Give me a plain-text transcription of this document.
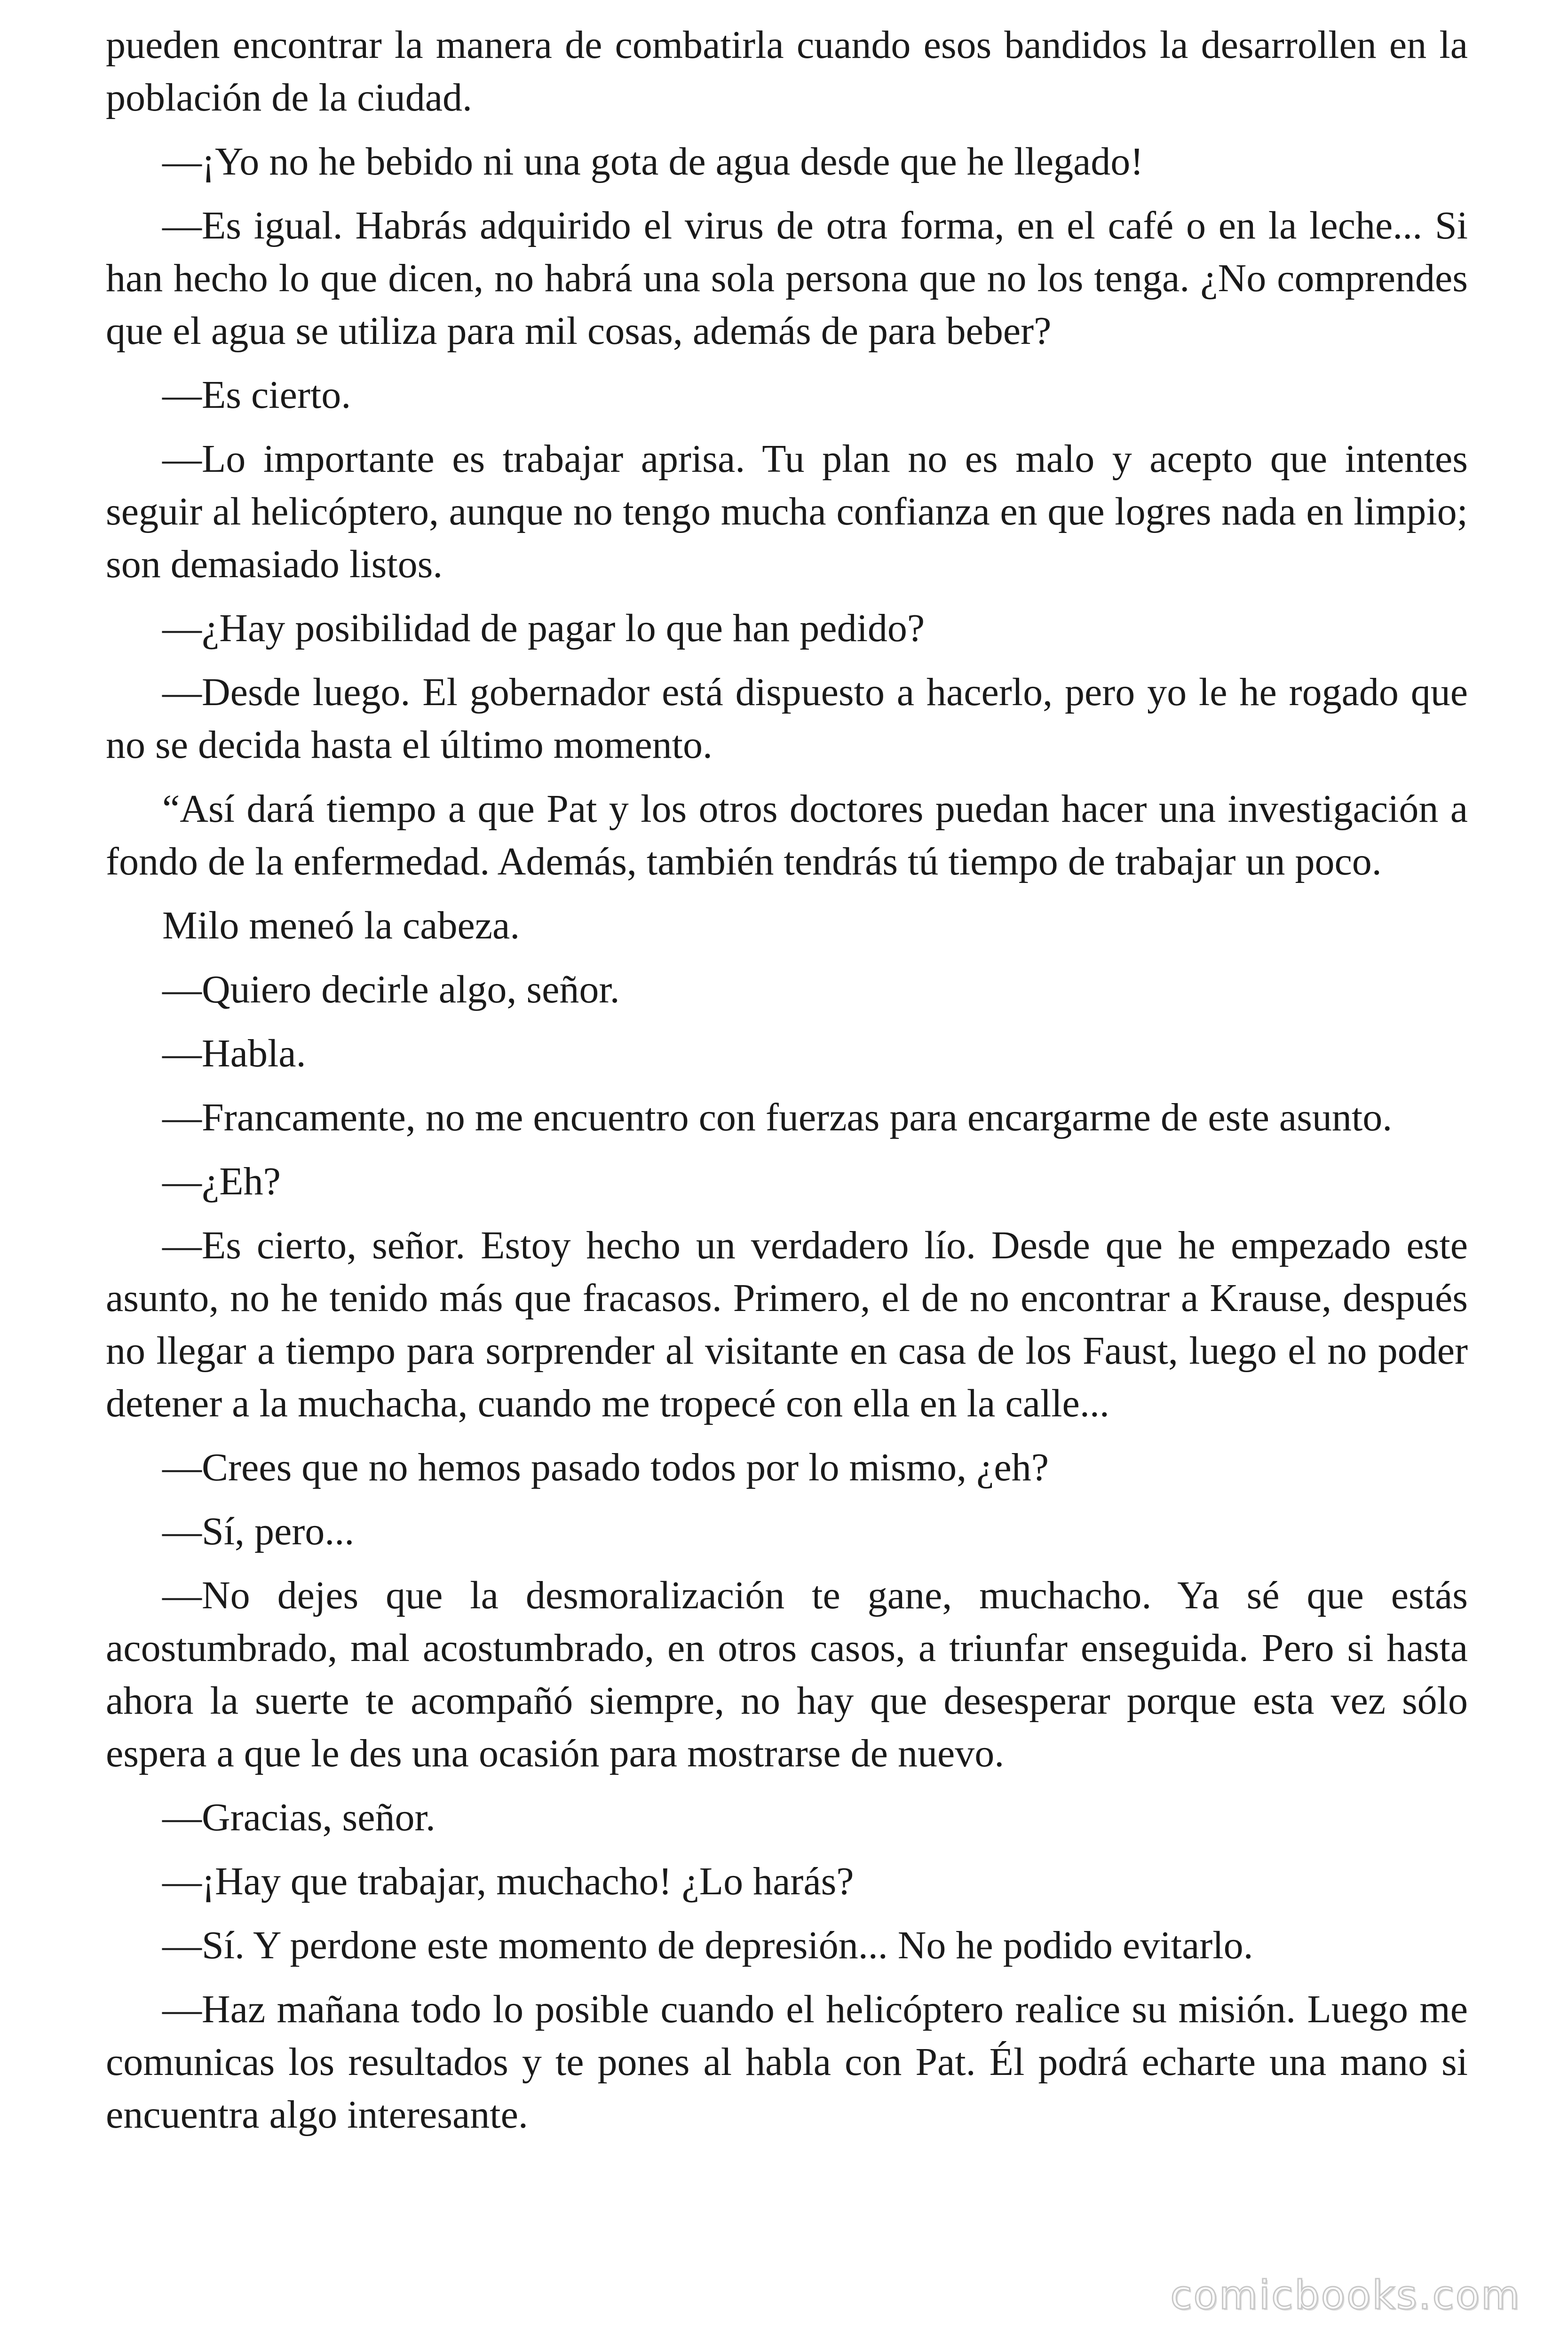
pueden encontrar la manera de combatirla cuando esos bandidos la desarrollen en la población de la ciudad.

—¡Yo no he bebido ni una gota de agua desde que he llegado!

—Es igual. Habrás adquirido el virus de otra forma, en el café o en la leche... Si han hecho lo que dicen, no habrá una sola persona que no los tenga. ¿No comprendes que el agua se utiliza para mil cosas, además de para beber?

—Es cierto.

—Lo importante es trabajar aprisa. Tu plan no es malo y acepto que intentes seguir al helicóptero, aunque no tengo mucha confianza en que logres nada en limpio; son demasiado listos.

—¿Hay posibilidad de pagar lo que han pedido?

—Desde luego. El gobernador está dispuesto a hacerlo, pero yo le he rogado que no se decida hasta el último momento.

“Así dará tiempo a que Pat y los otros doctores puedan hacer una investigación a fondo de la enfermedad. Además, también tendrás tú tiempo de trabajar un poco.

Milo meneó la cabeza.

—Quiero decirle algo, señor.

—Habla.

—Francamente, no me encuentro con fuerzas para encargarme de este asunto.

—¿Eh?

—Es cierto, señor. Estoy hecho un verdadero lío. Desde que he empezado este asunto, no he tenido más que fracasos. Primero, el de no encontrar a Krause, después no llegar a tiempo para sorprender al visitante en casa de los Faust, luego el no poder detener a la muchacha, cuando me tropecé con ella en la calle...

—Crees que no hemos pasado todos por lo mismo, ¿eh?

—Sí, pero...

—No dejes que la desmoralización te gane, muchacho. Ya sé que estás acostumbrado, mal acostumbrado, en otros casos, a triunfar enseguida. Pero si hasta ahora la suerte te acompañó siempre, no hay que desesperar porque esta vez sólo espera a que le des una ocasión para mostrarse de nuevo.

—Gracias, señor.

—¡Hay que trabajar, muchacho! ¿Lo harás?

—Sí. Y perdone este momento de depresión... No he podido evitarlo.

—Haz mañana todo lo posible cuando el helicóptero realice su misión. Luego me comunicas los resultados y te pones al habla con Pat. Él podrá echarte una mano si encuentra algo interesante.

comicbooks.com
